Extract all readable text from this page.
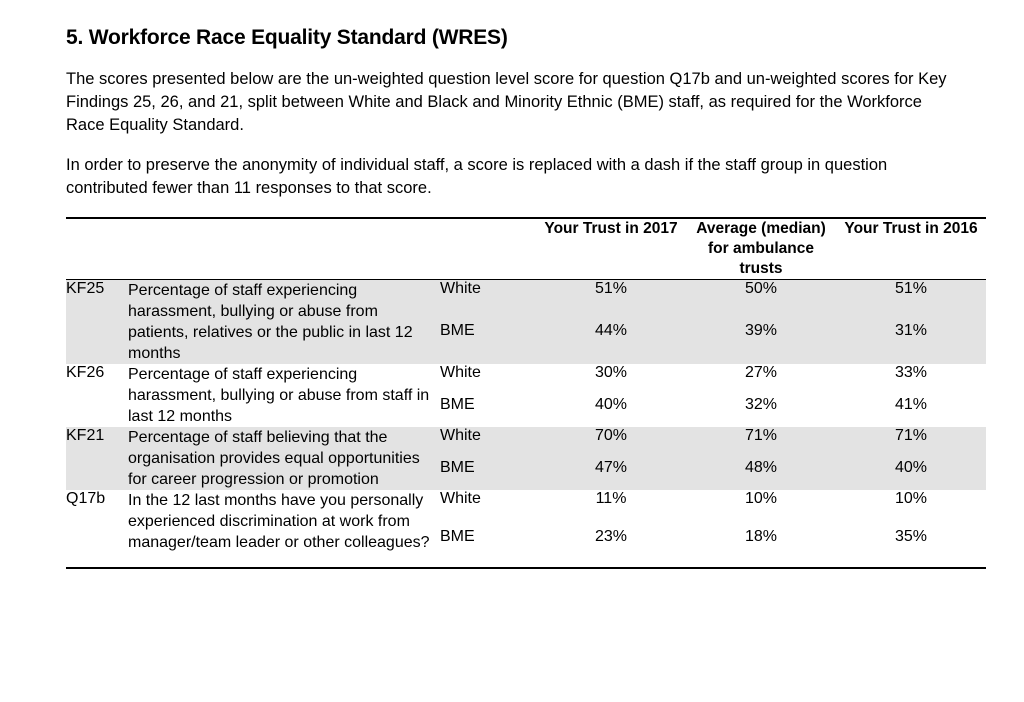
5. Workforce Race Equality Standard (WRES)

The scores presented below are the un-weighted question level score for question Q17b and un-weighted scores for Key Findings 25, 26, and 21, split between White and Black and Minority Ethnic (BME) staff, as required for the Workforce Race Equality Standard.

In order to preserve the anonymity of individual staff, a score is replaced with a dash if the staff group in question contributed fewer than 11 responses to that score.

			Your Trust in 2017	Average (median) for ambulance trusts	Your Trust in 2016
KF25	Percentage of staff experiencing harassment, bullying or abuse from patients, relatives or the public in last 12 months	White	51%	50%	51%
		BME	44%	39%	31%
KF26	Percentage of staff experiencing harassment, bullying or abuse from staff in last 12 months	White	30%	27%	33%
		BME	40%	32%	41%
KF21	Percentage of staff believing that the organisation provides equal opportunities for career progression or promotion	White	70%	71%	71%
		BME	47%	48%	40%
Q17b	In the 12 last months have you personally experienced discrimination at work from manager/team leader or other colleagues?	White	11%	10%	10%
		BME	23%	18%	35%
